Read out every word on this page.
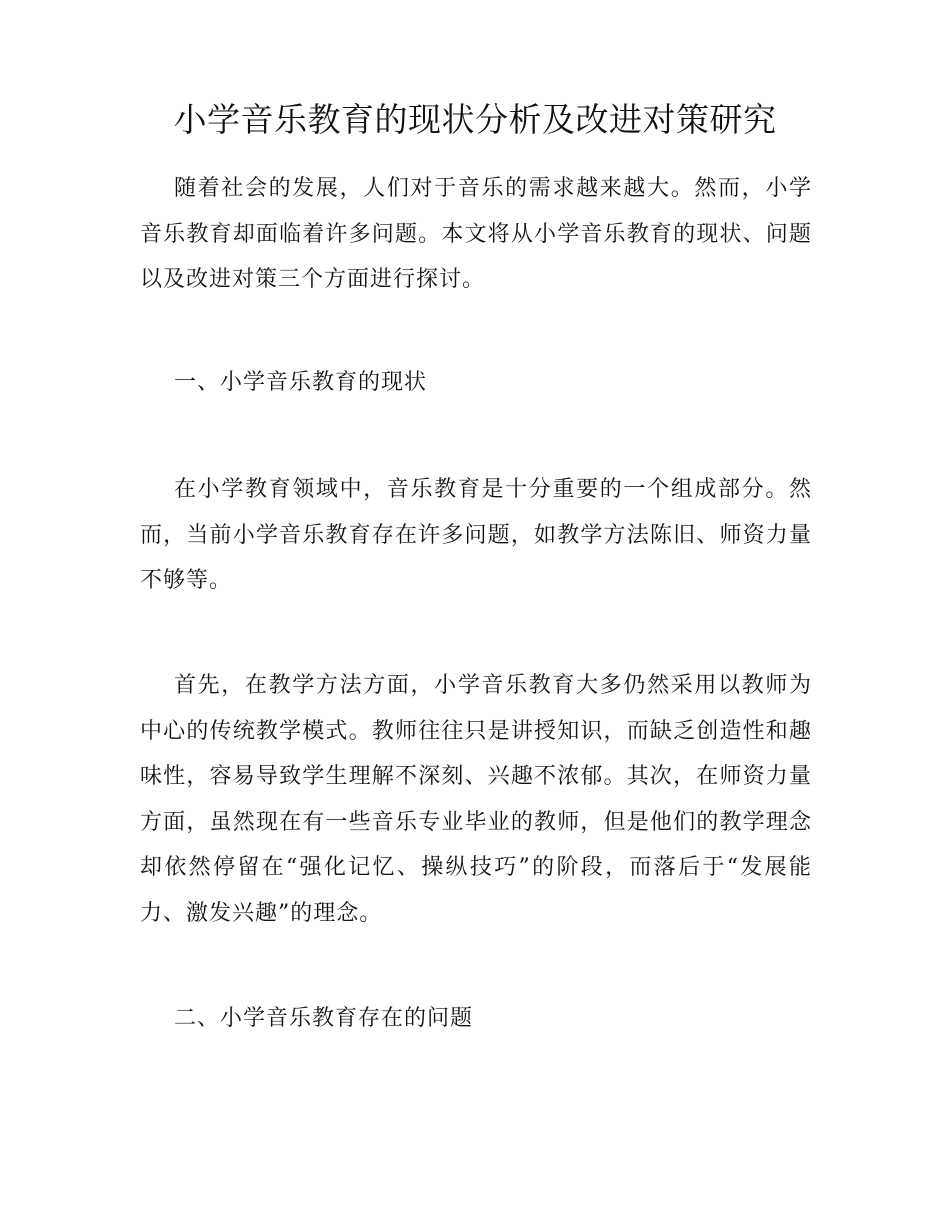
小学音乐教育的现状分析及改进对策研究

随着社会的发展，人们对于音乐的需求越来越大。然而，小学音乐教育却面临着许多问题。本文将从小学音乐教育的现状、问题以及改进对策三个方面进行探讨。

一、小学音乐教育的现状

在小学教育领域中，音乐教育是十分重要的一个组成部分。然而，当前小学音乐教育存在许多问题，如教学方法陈旧、师资力量不够等。

首先，在教学方法方面，小学音乐教育大多仍然采用以教师为中心的传统教学模式。教师往往只是讲授知识，而缺乏创造性和趣味性，容易导致学生理解不深刻、兴趣不浓郁。其次，在师资力量方面，虽然现在有一些音乐专业毕业的教师，但是他们的教学理念却依然停留在“强化记忆、操纵技巧”的阶段，而落后于“发展能力、激发兴趣”的理念。

二、小学音乐教育存在的问题
